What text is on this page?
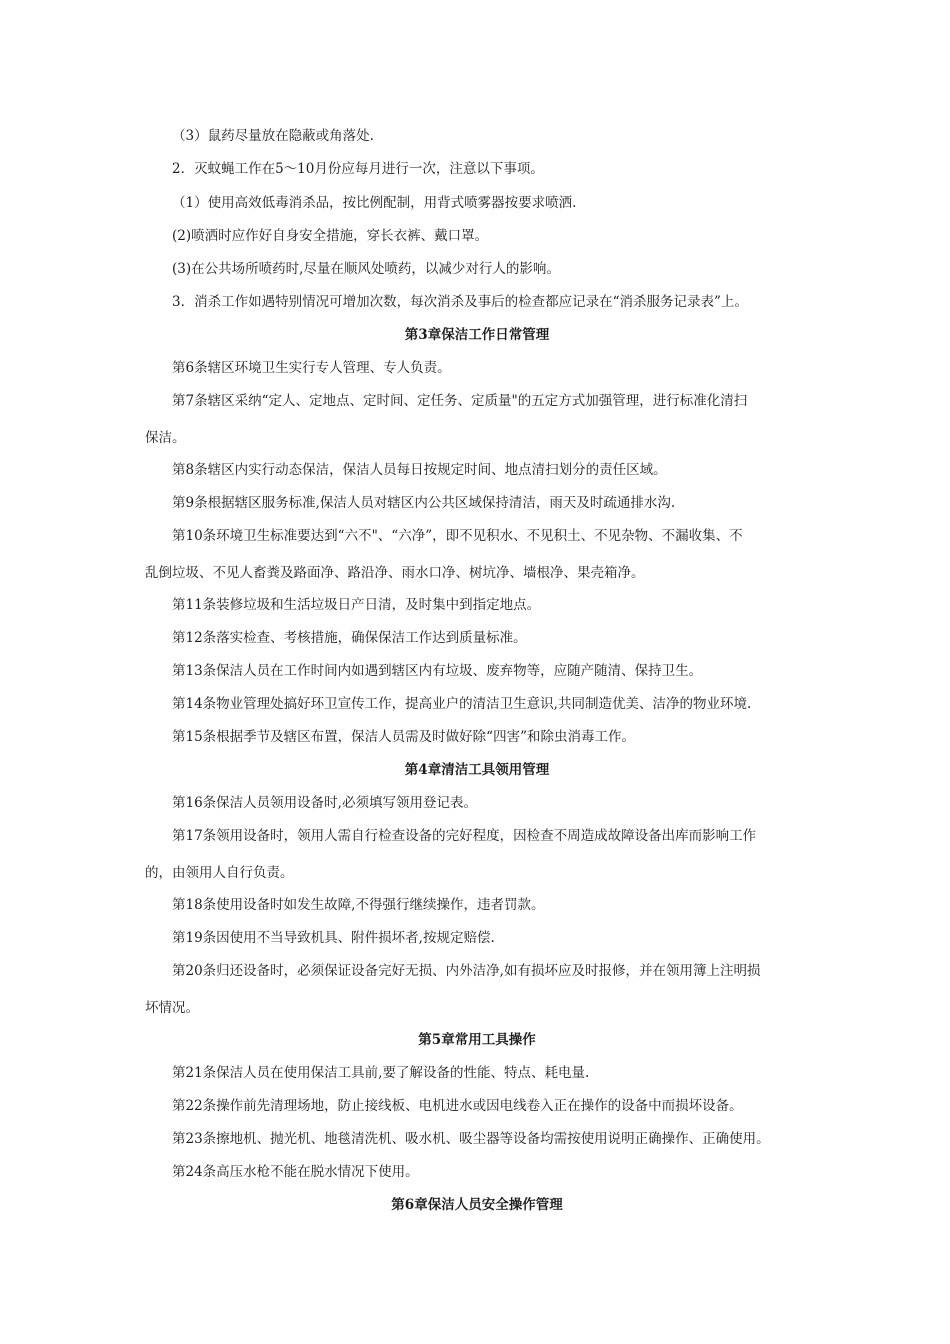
（3）鼠药尽量放在隐蔽或角落处.
2．灭蚊蝇工作在5～10月份应每月进行一次，注意以下事项。
（1）使用高效低毒消杀品，按比例配制，用背式喷雾器按要求喷洒.
(2)喷洒时应作好自身安全措施，穿长衣裤、戴口罩。
(3)在公共场所喷药时,尽量在顺风处喷药，以减少对行人的影响。
3．消杀工作如遇特别情况可增加次数，每次消杀及事后的检查都应记录在“消杀服务记录表”上。
第3章保洁工作日常管理
第6条辖区环境卫生实行专人管理、专人负责。
第7条辖区采纳“定人、定地点、定时间、定任务、定质量"的五定方式加强管理，进行标准化清扫
保洁。
第8条辖区内实行动态保洁，保洁人员每日按规定时间、地点清扫划分的责任区域。
第9条根据辖区服务标准,保洁人员对辖区内公共区域保持清洁，雨天及时疏通排水沟.
第10条环境卫生标准要达到“六不"、“六净”，即不见积水、不见积土、不见杂物、不漏收集、不
乱倒垃圾、不见人畜粪及路面净、路沿净、雨水口净、树坑净、墙根净、果壳箱净。
第11条装修垃圾和生活垃圾日产日清，及时集中到指定地点。
第12条落实检查、考核措施，确保保洁工作达到质量标准。
第13条保洁人员在工作时间内如遇到辖区内有垃圾、废弃物等，应随产随清、保持卫生。
第14条物业管理处搞好环卫宣传工作，提高业户的清洁卫生意识,共同制造优美、洁净的物业环境.
第15条根据季节及辖区布置，保洁人员需及时做好除“四害”和除虫消毒工作。
第4章清洁工具领用管理
第16条保洁人员领用设备时,必须填写领用登记表。
第17条领用设备时，领用人需自行检查设备的完好程度，因检查不周造成故障设备出库而影响工作
的，由领用人自行负责。
第18条使用设备时如发生故障,不得强行继续操作，违者罚款。
第19条因使用不当导致机具、附件损坏者,按规定赔偿.
第20条归还设备时，必须保证设备完好无损、内外洁净,如有损坏应及时报修，并在领用簿上注明损
坏情况。
第5章常用工具操作
第21条保洁人员在使用保洁工具前,要了解设备的性能、特点、耗电量.
第22条操作前先清理场地，防止接线板、电机进水或因电线卷入正在操作的设备中而损坏设备。
第23条擦地机、抛光机、地毯清洗机、吸水机、吸尘器等设备均需按使用说明正确操作、正确使用。
第24条高压水枪不能在脱水情况下使用。
第6章保洁人员安全操作管理
